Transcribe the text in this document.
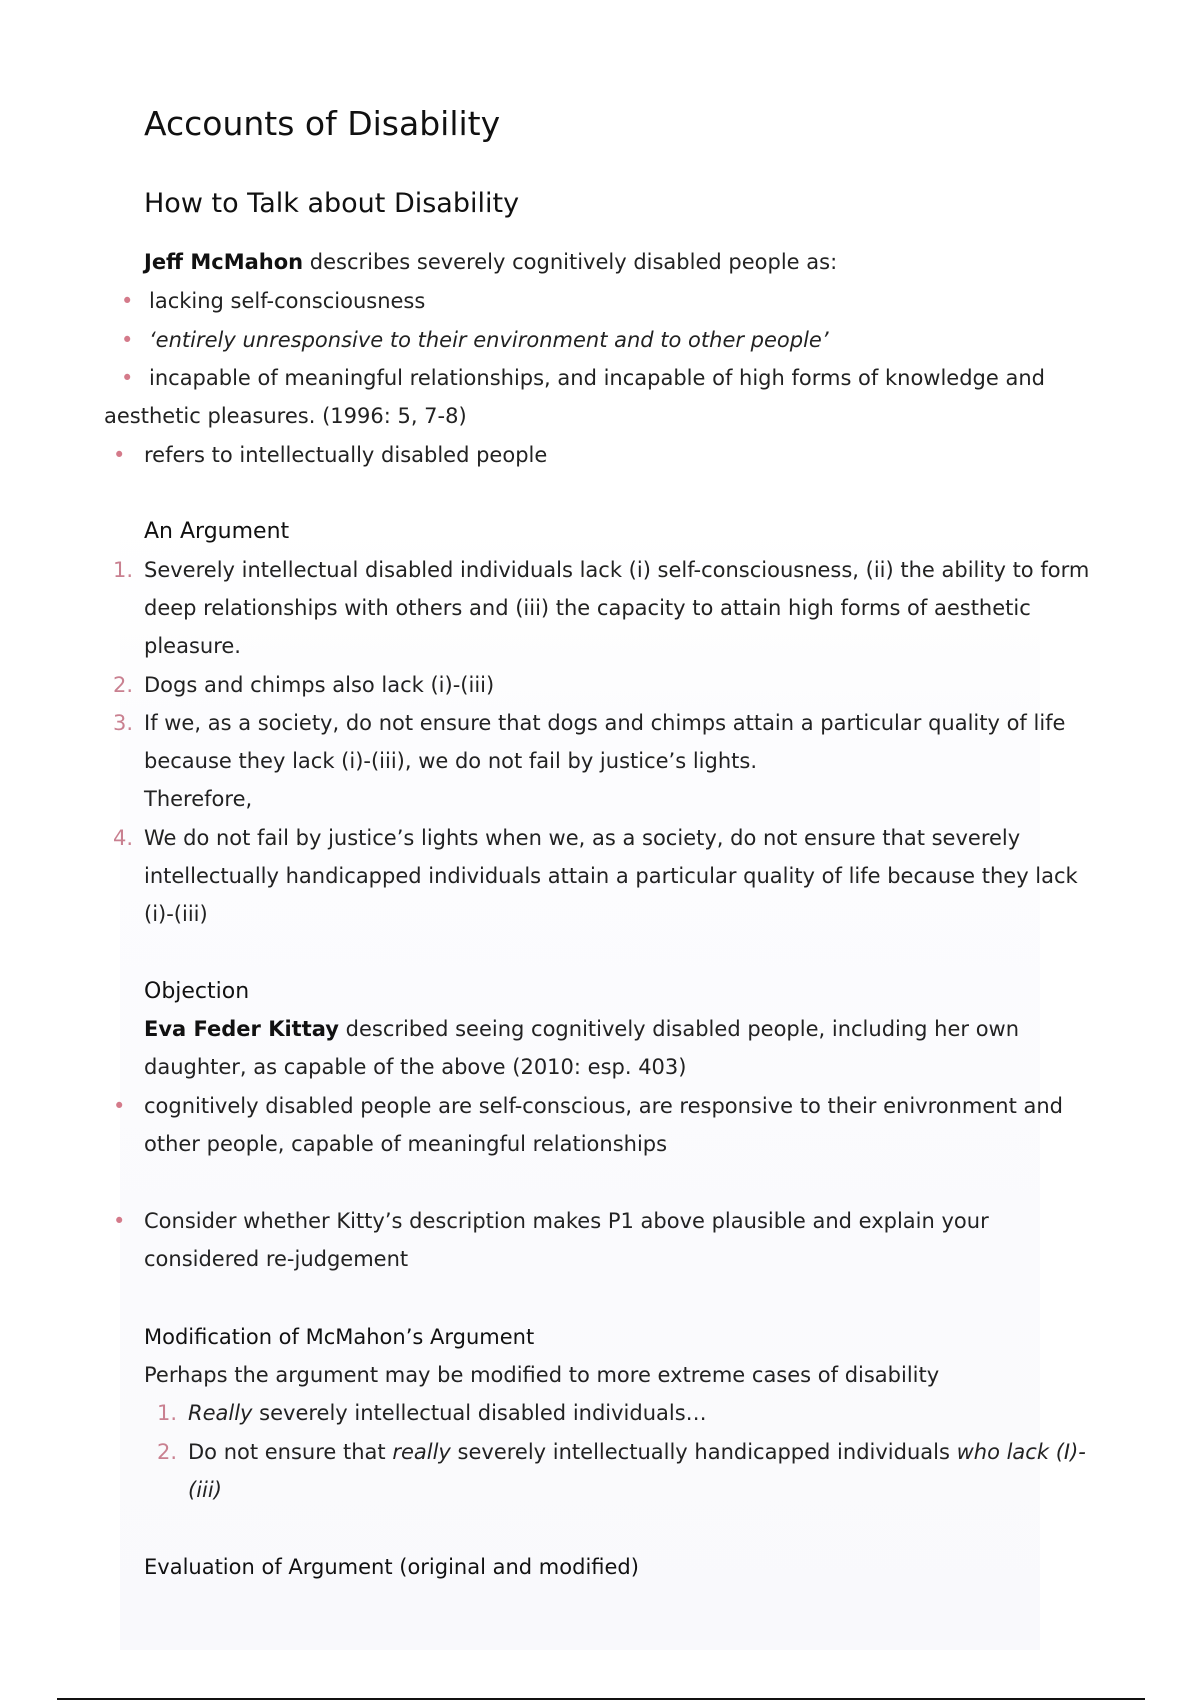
Accounts of Disability
How to Talk about Disability
Jeff McMahon describes severely cognitively disabled people as:
• lacking self-consciousness
• ‘entirely unresponsive to their environment and to other people’
• incapable of meaningful relationships, and incapable of high forms of knowledge and
aesthetic pleasures. (1996: 5, 7-8)
• refers to intellectually disabled people
An Argument
1. Severely intellectual disabled individuals lack (i) self-consciousness, (ii) the ability to form
deep relationships with others and (iii) the capacity to attain high forms of aesthetic
pleasure.
2. Dogs and chimps also lack (i)-(iii)
3. If we, as a society, do not ensure that dogs and chimps attain a particular quality of life
because they lack (i)-(iii), we do not fail by justice’s lights.
Therefore,
4. We do not fail by justice’s lights when we, as a society, do not ensure that severely
intellectually handicapped individuals attain a particular quality of life because they lack
(i)-(iii)
Objection
Eva Feder Kittay described seeing cognitively disabled people, including her own
daughter, as capable of the above (2010: esp. 403)
• cognitively disabled people are self-conscious, are responsive to their enivronment and
other people, capable of meaningful relationships
• Consider whether Kitty’s description makes P1 above plausible and explain your
considered re-judgement
Modification of McMahon’s Argument
Perhaps the argument may be modified to more extreme cases of disability
1. Really severely intellectual disabled individuals…
2. Do not ensure that really severely intellectually handicapped individuals who lack (I)-
(iii)
Evaluation of Argument (original and modified)
